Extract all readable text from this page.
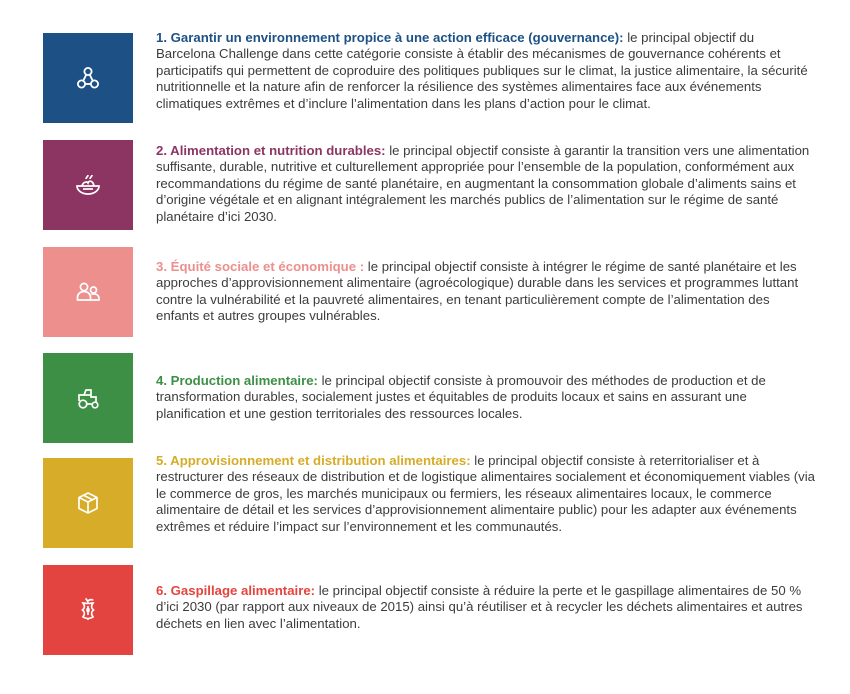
1. Garantir un environnement propice à une action efficace (gouvernance): le principal objectif du Barcelona Challenge dans cette catégorie consiste à établir des mécanismes de gouvernance cohérents et participatifs qui permettent de coproduire des politiques publiques sur le climat, la justice alimentaire, la sécurité nutritionnelle et la nature afin de renforcer la résilience des systèmes alimentaires face aux événements climatiques extrêmes et d’inclure l’alimentation dans les plans d’action pour le climat.

2. Alimentation et nutrition durables: le principal objectif consiste à garantir la transition vers une alimentation suffisante, durable, nutritive et culturellement appropriée pour l’ensemble de la population, conformément aux recommandations du régime de santé planétaire, en augmentant la consommation globale d’aliments sains et d’origine végétale et en alignant intégralement les marchés publics de l’alimentation sur le régime de santé planétaire d’ici 2030.

3. Équité sociale et économique : le principal objectif consiste à intégrer le régime de santé planétaire et les approches d’approvisionnement alimentaire (agroécologique) durable dans les services et programmes luttant contre la vulnérabilité et la pauvreté alimentaires, en tenant particulièrement compte de l’alimentation des enfants et autres groupes vulnérables.

4. Production alimentaire: le principal objectif consiste à promouvoir des méthodes de production et de transformation durables, socialement justes et équitables de produits locaux et sains en assurant une planification et une gestion territoriales des ressources locales.

5. Approvisionnement et distribution alimentaires: le principal objectif consiste à reterritorialiser et à restructurer des réseaux de distribution et de logistique alimentaires socialement et économiquement viables (via le commerce de gros, les marchés municipaux ou fermiers, les réseaux alimentaires locaux, le commerce alimentaire de détail et les services d’approvisionnement alimentaire public) pour les adapter aux événements extrêmes et réduire l’impact sur l’environnement et les communautés.

6. Gaspillage alimentaire: le principal objectif consiste à réduire la perte et le gaspillage alimentaires de 50 % d’ici 2030 (par rapport aux niveaux de 2015) ainsi qu’à réutiliser et à recycler les déchets alimentaires et autres déchets en lien avec l’alimentation.
